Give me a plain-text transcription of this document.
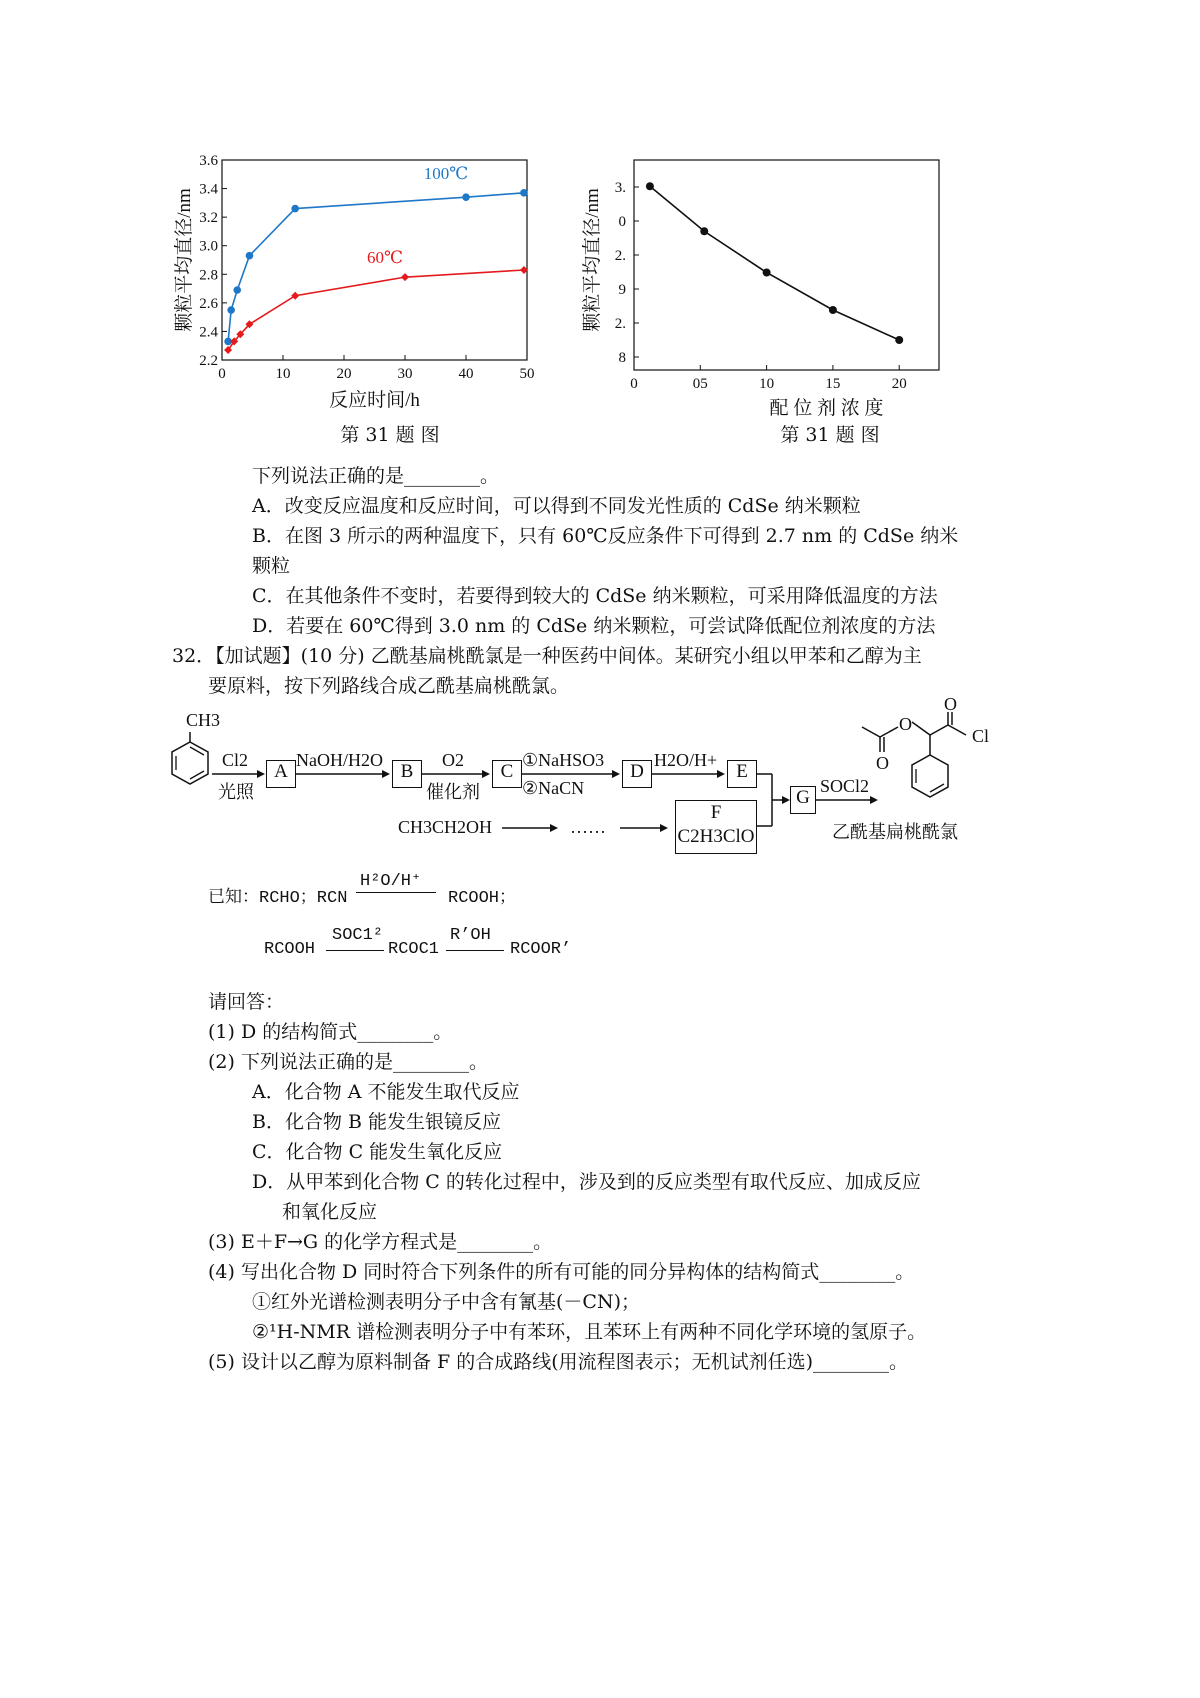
0	10	20	30	40	50
2.2
2.4
2.6
2.8
3.0
3.2
3.4
3.6
反应时间/h
颗粒平均直径/nm
100℃
60℃
第 31 题 图
0	05	10	15	20
3.
0
2.
9
2.
8
配 位 剂 浓 度
颗粒平均直径/nm
第 31 题 图
下列说法正确的是________。
A．改变反应温度和反应时间，可以得到不同发光性质的 CdSe 纳米颗粒
B．在图 3 所示的两种温度下，只有 60℃反应条件下可得到 2.7 nm 的 CdSe 纳米
颗粒
C．在其他条件不变时，若要得到较大的 CdSe 纳米颗粒，可采用降低温度的方法
D．若要在 60℃得到 3.0 nm 的 CdSe 纳米颗粒，可尝试降低配位剂浓度的方法
32．【加试题】(10 分) 乙酰基扁桃酰氯是一种医药中间体。某研究小组以甲苯和乙醇为主
要原料，按下列路线合成乙酰基扁桃酰氯。
CH3
Cl2
光照
A
NaOH/H2O
B
O2
催化剂
C
①NaHSO3
②NaCN
D
H2O/H+
E
F
C2H3ClO
G
SOCl2
CH3CH2OH	……	乙酰基扁桃酰氯
O
O
O
Cl
已知：RCHO；RCN
H²O/H⁺
RCOOH；
RCOOH
SOC1²
RCOC1
R’OH
RCOOR’
请回答：
(1) D 的结构简式________。
(2) 下列说法正确的是________。
A．化合物 A 不能发生取代反应
B．化合物 B 能发生银镜反应
C．化合物 C 能发生氧化反应
D．从甲苯到化合物 C 的转化过程中，涉及到的反应类型有取代反应、加成反应
和氧化反应
(3) E＋F→G 的化学方程式是________。
(4) 写出化合物 D 同时符合下列条件的所有可能的同分异构体的结构简式________。
①红外光谱检测表明分子中含有氰基(－CN)；
②¹H-NMR 谱检测表明分子中有苯环，且苯环上有两种不同化学环境的氢原子。
(5) 设计以乙醇为原料制备 F 的合成路线(用流程图表示；无机试剂任选)________。
